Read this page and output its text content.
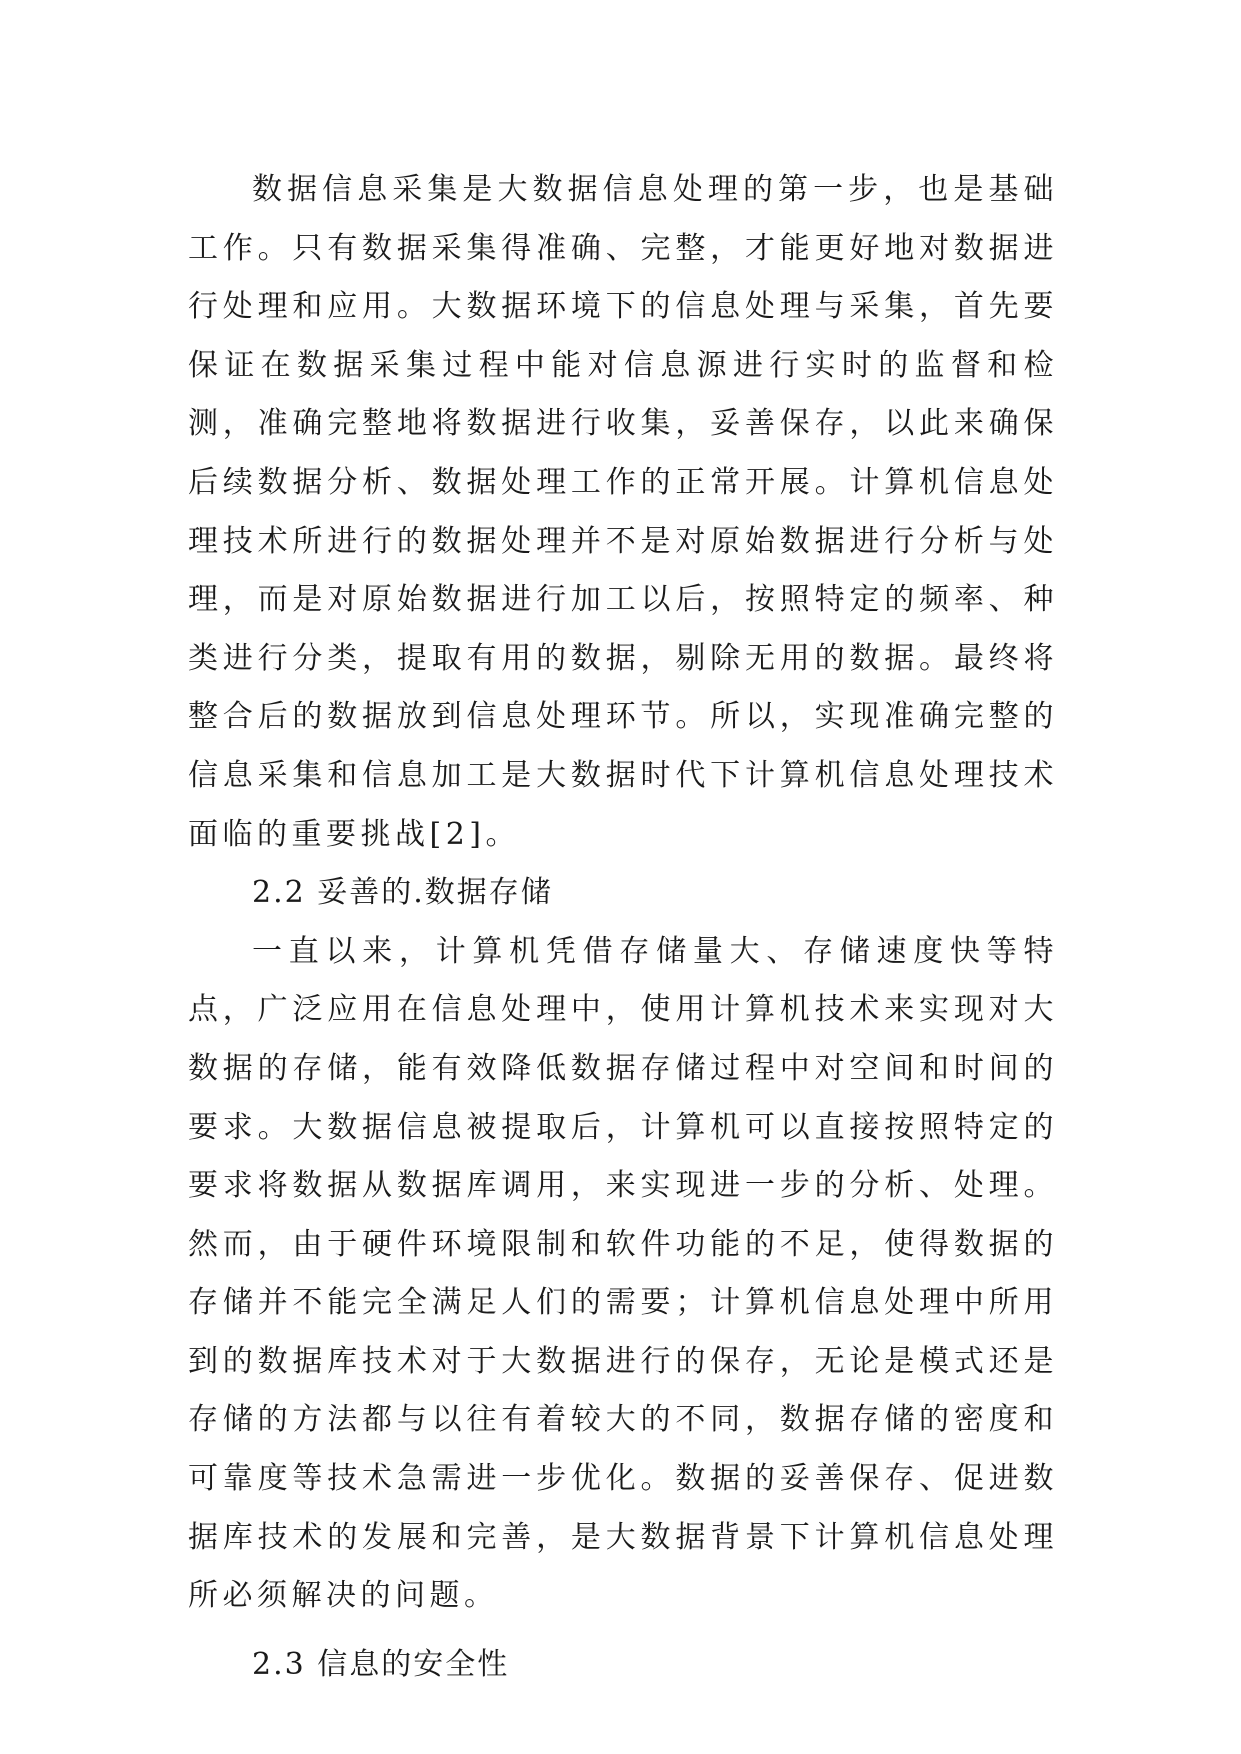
数据信息采集是大数据信息处理的第一步，也是基础工作。只有数据采集得准确、完整，才能更好地对数据进行处理和应用。大数据环境下的信息处理与采集，首先要保证在数据采集过程中能对信息源进行实时的监督和检测，准确完整地将数据进行收集，妥善保存，以此来确保后续数据分析、数据处理工作的正常开展。计算机信息处理技术所进行的数据处理并不是对原始数据进行分析与处理，而是对原始数据进行加工以后，按照特定的频率、种类进行分类，提取有用的数据，剔除无用的数据。最终将整合后的数据放到信息处理环节。所以，实现准确完整的信息采集和信息加工是大数据时代下计算机信息处理技术面临的重要挑战[2]。

2.2 妥善的.数据存储

一直以来，计算机凭借存储量大、存储速度快等特点，广泛应用在信息处理中，使用计算机技术来实现对大数据的存储，能有效降低数据存储过程中对空间和时间的要求。大数据信息被提取后，计算机可以直接按照特定的要求将数据从数据库调用，来实现进一步的分析、处理。然而，由于硬件环境限制和软件功能的不足，使得数据的存储并不能完全满足人们的需要；计算机信息处理中所用到的数据库技术对于大数据进行的保存，无论是模式还是存储的方法都与以往有着较大的不同，数据存储的密度和可靠度等技术急需进一步优化。数据的妥善保存、促进数据库技术的发展和完善，是大数据背景下计算机信息处理所必须解决的问题。

2.3 信息的安全性
